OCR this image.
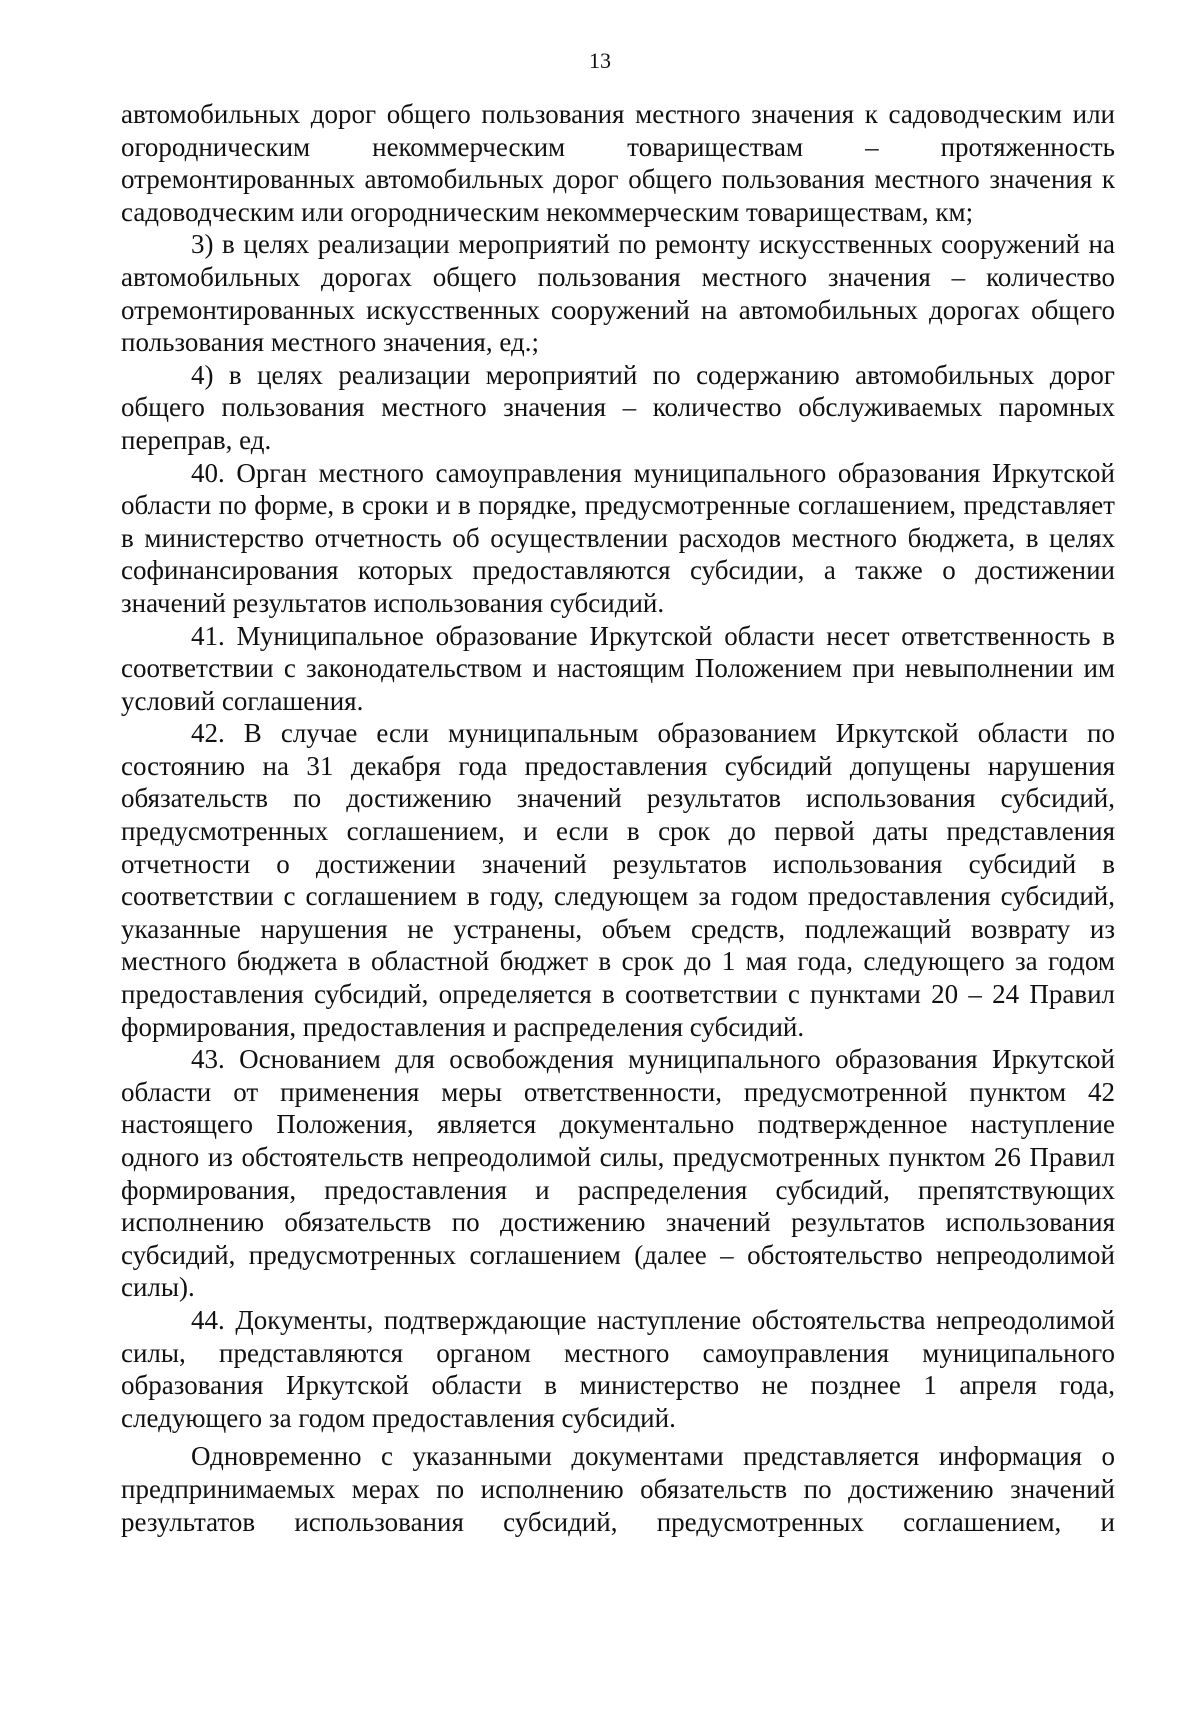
13

автомобильных дорог общего пользования местного значения к садоводческим или огородническим некоммерческим товариществам – протяженность отремонтированных автомобильных дорог общего пользования местного значения к садоводческим или огородническим некоммерческим товариществам, км;

3) в целях реализации мероприятий по ремонту искусственных сооружений на автомобильных дорогах общего пользования местного значения – количество отремонтированных искусственных сооружений на автомобильных дорогах общего пользования местного значения, ед.;

4) в целях реализации мероприятий по содержанию автомобильных дорог общего пользования местного значения – количество обслуживаемых паромных переправ, ед.

40. Орган местного самоуправления муниципального образования Иркутской области по форме, в сроки и в порядке, предусмотренные соглашением, представляет в министерство отчетность об осуществлении расходов местного бюджета, в целях софинансирования которых предоставляются субсидии, а также о достижении значений результатов использования субсидий.

41. Муниципальное образование Иркутской области несет ответственность в соответствии с законодательством и настоящим Положением при невыполнении им условий соглашения.

42. В случае если муниципальным образованием Иркутской области по состоянию на 31 декабря года предоставления субсидий допущены нарушения обязательств по достижению значений результатов использования субсидий, предусмотренных соглашением, и если в срок до первой даты представления отчетности о достижении значений результатов использования субсидий в соответствии с соглашением в году, следующем за годом предоставления субсидий, указанные нарушения не устранены, объем средств, подлежащий возврату из местного бюджета в областной бюджет в срок до 1 мая года, следующего за годом предоставления субсидий, определяется в соответствии с пунктами 20 – 24 Правил формирования, предоставления и распределения субсидий.

43. Основанием для освобождения муниципального образования Иркутской области от применения меры ответственности, предусмотренной пунктом 42 настоящего Положения, является документально подтвержденное наступление одного из обстоятельств непреодолимой силы, предусмотренных пунктом 26 Правил формирования, предоставления и распределения субсидий, препятствующих исполнению обязательств по достижению значений результатов использования субсидий, предусмотренных соглашением (далее – обстоятельство непреодолимой силы).

44. Документы, подтверждающие наступление обстоятельства непреодолимой силы, представляются органом местного самоуправления муниципального образования Иркутской области в министерство не позднее 1 апреля года, следующего за годом предоставления субсидий.

Одновременно с указанными документами представляется информация о предпринимаемых мерах по исполнению обязательств по достижению значений результатов использования субсидий, предусмотренных соглашением, и
